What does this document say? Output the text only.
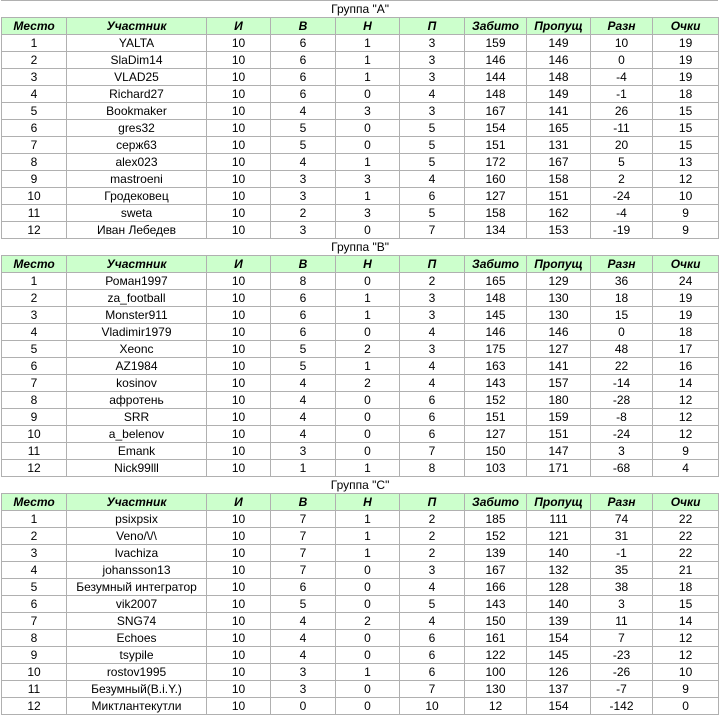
Группа "А"									
Место	Участник	И	В	Н	П	Забито	Пропущ	Разн	Очки
1	YALTA	10	6	1	3	159	149	10	19
2	SlaDim14	10	6	1	3	146	146	0	19
3	VLAD25	10	6	1	3	144	148	-4	19
4	Richard27	10	6	0	4	148	149	-1	18
5	Bookmaker	10	4	3	3	167	141	26	15
6	gres32	10	5	0	5	154	165	-11	15
7	серж63	10	5	0	5	151	131	20	15
8	alex023	10	4	1	5	172	167	5	13
9	mastroeni	10	3	3	4	160	158	2	12
10	Гродековец	10	3	1	6	127	151	-24	10
11	sweta	10	2	3	5	158	162	-4	9
12	Иван Лебедев	10	3	0	7	134	153	-19	9
Группа "В"									
Место	Участник	И	В	Н	П	Забито	Пропущ	Разн	Очки
1	Роман1997	10	8	0	2	165	129	36	24
2	za_football	10	6	1	3	148	130	18	19
3	Monster911	10	6	1	3	145	130	15	19
4	Vladimir1979	10	6	0	4	146	146	0	18
5	Xeonc	10	5	2	3	175	127	48	17
6	AZ1984	10	5	1	4	163	141	22	16
7	kosinov	10	4	2	4	143	157	-14	14
8	афротень	10	4	0	6	152	180	-28	12
9	SRR	10	4	0	6	151	159	-8	12
10	a_belenov	10	4	0	6	127	151	-24	12
11	Emank	10	3	0	7	150	147	3	9
12	Nick99lll	10	1	1	8	103	171	-68	4
Группа "С"									
Место	Участник	И	В	Н	П	Забито	Пропущ	Разн	Очки
1	psixpsix	10	7	1	2	185	111	74	22
2	Veno/\/\	10	7	1	2	152	121	31	22
3	lvachiza	10	7	1	2	139	140	-1	22
4	johansson13	10	7	0	3	167	132	35	21
5	Безумный интегратор	10	6	0	4	166	128	38	18
6	vik2007	10	5	0	5	143	140	3	15
7	SNG74	10	4	2	4	150	139	11	14
8	Echoes	10	4	0	6	161	154	7	12
9	tsypile	10	4	0	6	122	145	-23	12
10	rostov1995	10	3	1	6	100	126	-26	10
11	Безумный(B.i.Y.)	10	3	0	7	130	137	-7	9
12	Миктлантекутли	10	0	0	10	12	154	-142	0
